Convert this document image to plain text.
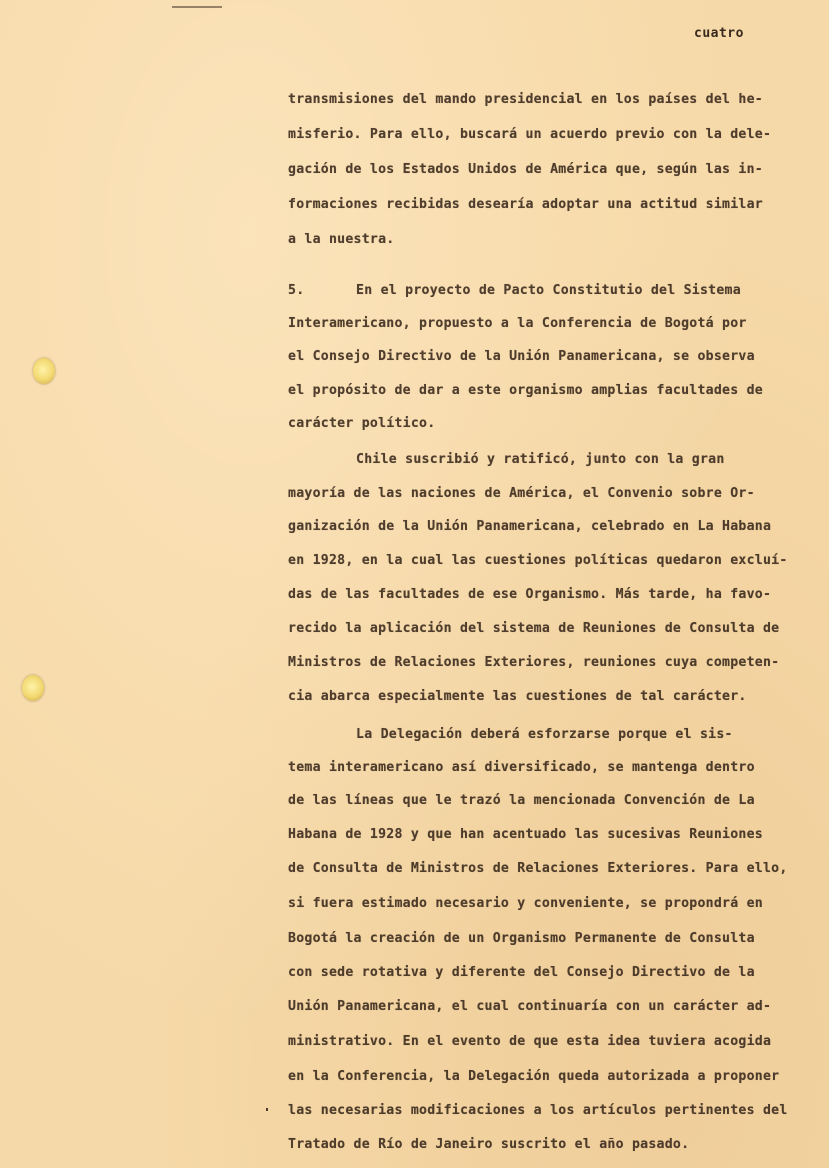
cuatro
transmisiones del mando presidencial en los países del he-
misferio. Para ello, buscará un acuerdo previo con la dele-
gación de los Estados Unidos de América que, según las in-
formaciones recibidas desearía adoptar una actitud similar
a la nuestra.
5.	En el proyecto de Pacto Constitutio del Sistema
Interamericano, propuesto a la Conferencia de Bogotá por
el Consejo Directivo de la Unión Panamericana, se observa
el propósito de dar a este organismo amplias facultades de
carácter político.
Chile suscribió y ratificó, junto con la gran
mayoría de las naciones de América, el Convenio sobre Or-
ganización de la Unión Panamericana, celebrado en La Habana
en 1928, en la cual las cuestiones políticas quedaron excluí-
das de las facultades de ese Organismo. Más tarde, ha favo-
recido la aplicación del sistema de Reuniones de Consulta de
Ministros de Relaciones Exteriores, reuniones cuya competen-
cia abarca especialmente las cuestiones de tal carácter.
La Delegación deberá esforzarse porque el sis-
tema interamericano así diversificado, se mantenga dentro
de las líneas que le trazó la mencionada Convención de La
Habana de 1928 y que han acentuado las sucesivas Reuniones
de Consulta de Ministros de Relaciones Exteriores. Para ello,
si fuera estimado necesario y conveniente, se propondrá en
Bogotá la creación de un Organismo Permanente de Consulta
con sede rotativa y diferente del Consejo Directivo de la
Unión Panamericana, el cual continuaría con un carácter ad-
ministrativo. En el evento de que esta idea tuviera acogida
en la Conferencia, la Delegación queda autorizada a proponer
las necesarias modificaciones a los artículos pertinentes del
Tratado de Río de Janeiro suscrito el año pasado.
